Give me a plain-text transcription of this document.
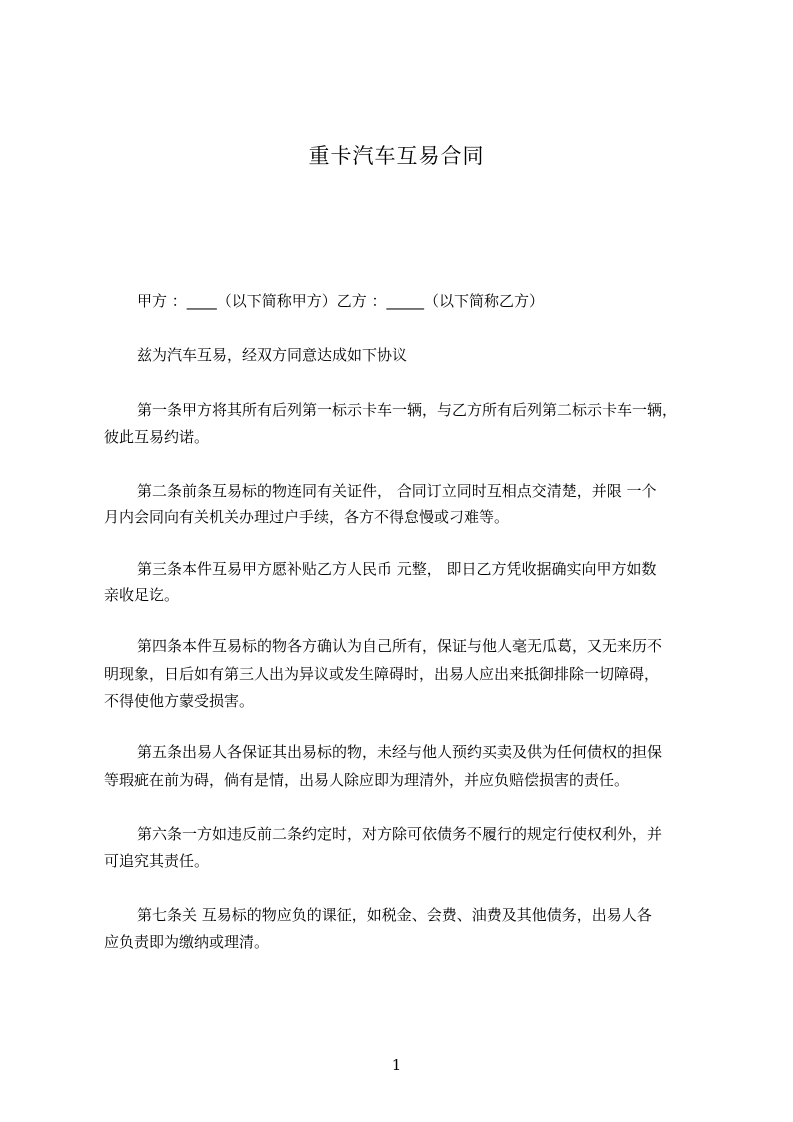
重卡汽车互易合同
甲方 ：____（以下简称甲方）乙方 ：_____（以下简称乙方）
兹为汽车互易，经双方同意达成如下协议
第一条甲方将其所有后列第一标示卡车一辆，与乙方所有后列第二标示卡车一辆，
彼此互易约诺。
第二条前条互易标的物连同有关证件， 合同订立同时互相点交清楚，并限 一个
月内会同向有关机关办理过户手续，各方不得怠慢或刁难等。
第三条本件互易甲方愿补贴乙方人民币 元整， 即日乙方凭收据确实向甲方如数
亲收足讫。
第四条本件互易标的物各方确认为自己所有，保证与他人毫无瓜葛，又无来历不
明现象，日后如有第三人出为异议或发生障碍时，出易人应出来抵御排除一切障碍，
不得使他方蒙受损害。
第五条出易人各保证其出易标的物，未经与他人预约买卖及供为任何债权的担保
等瑕疵在前为碍，倘有是情，出易人除应即为理清外，并应负赔偿损害的责任。
第六条一方如违反前二条约定时，对方除可依债务不履行的规定行使权利外，并
可追究其责任。
第七条关 互易标的物应负的课征，如税金、会费、油费及其他债务，出易人各
应负责即为缴纳或理清。
1
